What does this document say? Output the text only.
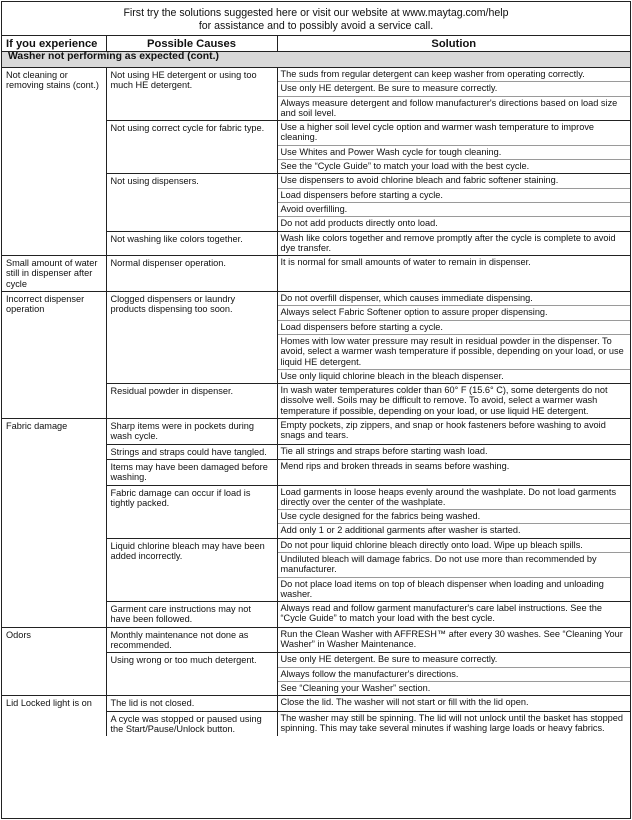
First try the solutions suggested here or visit our website at www.maytag.com/help
for assistance and to possibly avoid a service call.
If you experience	Possible Causes	Solution
Washer not performing as expected (cont.)		
Not cleaning or removing stains (cont.)	Not using HE detergent or using too much HE detergent.	The suds from regular detergent can keep washer from operating correctly.
		Use only HE detergent. Be sure to measure correctly.
		Always measure detergent and follow manufacturer's directions based on load size and soil level.
	Not using correct cycle for fabric type.	Use a higher soil level cycle option and warmer wash temperature to improve cleaning.
		Use Whites and Power Wash cycle for tough cleaning.
		See the “Cycle Guide” to match your load with the best cycle.
	Not using dispensers.	Use dispensers to avoid chlorine bleach and fabric softener staining.
		Load dispensers before starting a cycle.
		Avoid overfilling.
		Do not add products directly onto load.
	Not washing like colors together.	Wash like colors together and remove promptly after the cycle is complete to avoid dye transfer.
Small amount of water still in dispenser after cycle	Normal dispenser operation.	It is normal for small amounts of water to remain in dispenser.
Incorrect dispenser operation	Clogged dispensers or laundry products dispensing too soon.	Do not overfill dispenser, which causes immediate dispensing.
		Always select Fabric Softener option to assure proper dispensing.
		Load dispensers before starting a cycle.
		Homes with low water pressure may result in residual powder in the dispenser. To avoid, select a warmer wash temperature if possible, depending on your load, or use liquid HE detergent.
		Use only liquid chlorine bleach in the bleach dispenser.
	Residual powder in dispenser.	In wash water temperatures colder than 60° F (15.6° C), some detergents do not dissolve well. Soils may be difficult to remove. To avoid, select a warmer wash temperature if possible, depending on your load, or use liquid HE detergent.
Fabric damage	Sharp items were in pockets during wash cycle.	Empty pockets, zip zippers, and snap or hook fasteners before washing to avoid snags and tears.
	Strings and straps could have tangled.	Tie all strings and straps before starting wash load.
	Items may have been damaged before washing.	Mend rips and broken threads in seams before washing.
	Fabric damage can occur if load is tightly packed.	Load garments in loose heaps evenly around the washplate. Do not load garments directly over the center of the washplate.
		Use cycle designed for the fabrics being washed.
		Add only 1 or 2 additional garments after washer is started.
	Liquid chlorine bleach may have been added incorrectly.	Do not pour liquid chlorine bleach directly onto load. Wipe up bleach spills.
		Undiluted bleach will damage fabrics. Do not use more than recommended by manufacturer.
		Do not place load items on top of bleach dispenser when loading and unloading washer.
	Garment care instructions may not have been followed.	Always read and follow garment manufacturer's care label instructions. See the “Cycle Guide” to match your load with the best cycle.
Odors	Monthly maintenance not done as recommended.	Run the Clean Washer with AFFRESH™ after every 30 washes. See “Cleaning Your Washer” in Washer Maintenance.
	Using wrong or too much detergent.	Use only HE detergent. Be sure to measure correctly.
		Always follow the manufacturer's directions.
		See “Cleaning your Washer” section.
Lid Locked light is on	The lid is not closed.	Close the lid. The washer will not start or fill with the lid open.
	A cycle was stopped or paused using the Start/Pause/Unlock button.	The washer may still be spinning. The lid will not unlock until the basket has stopped spinning. This may take several minutes if washing large loads or heavy fabrics.
